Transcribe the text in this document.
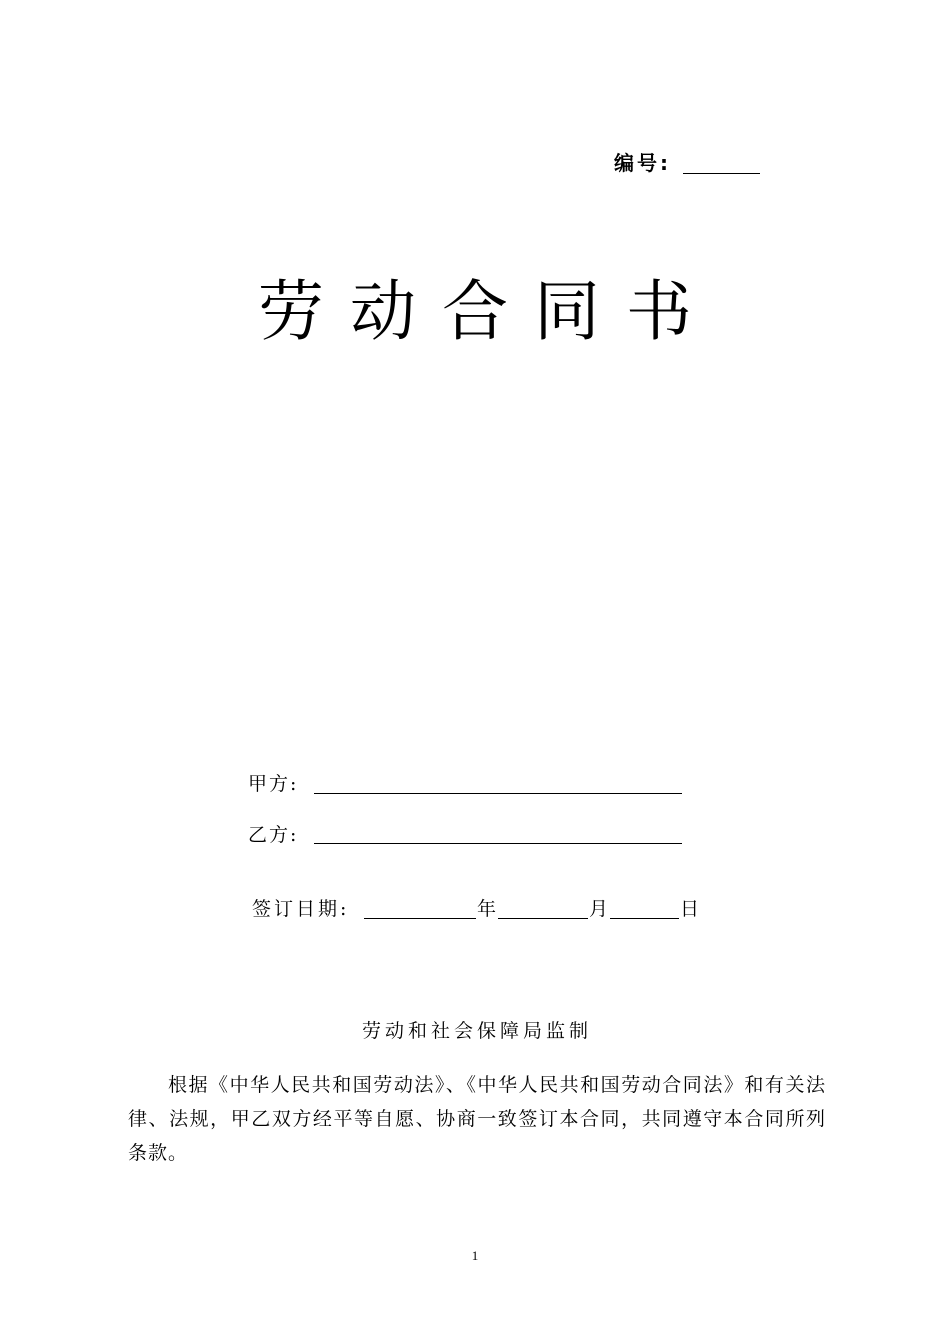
编号:
劳动合同书
甲方:
乙方:
签订日期:	年	月	日
劳动和社会保障局监制
根据《中华人民共和国劳动法》、《中华人民共和国劳动合同法》和有关法律、法规，甲乙双方经平等自愿、协商一致签订本合同，共同遵守本合同所列条款。
1
